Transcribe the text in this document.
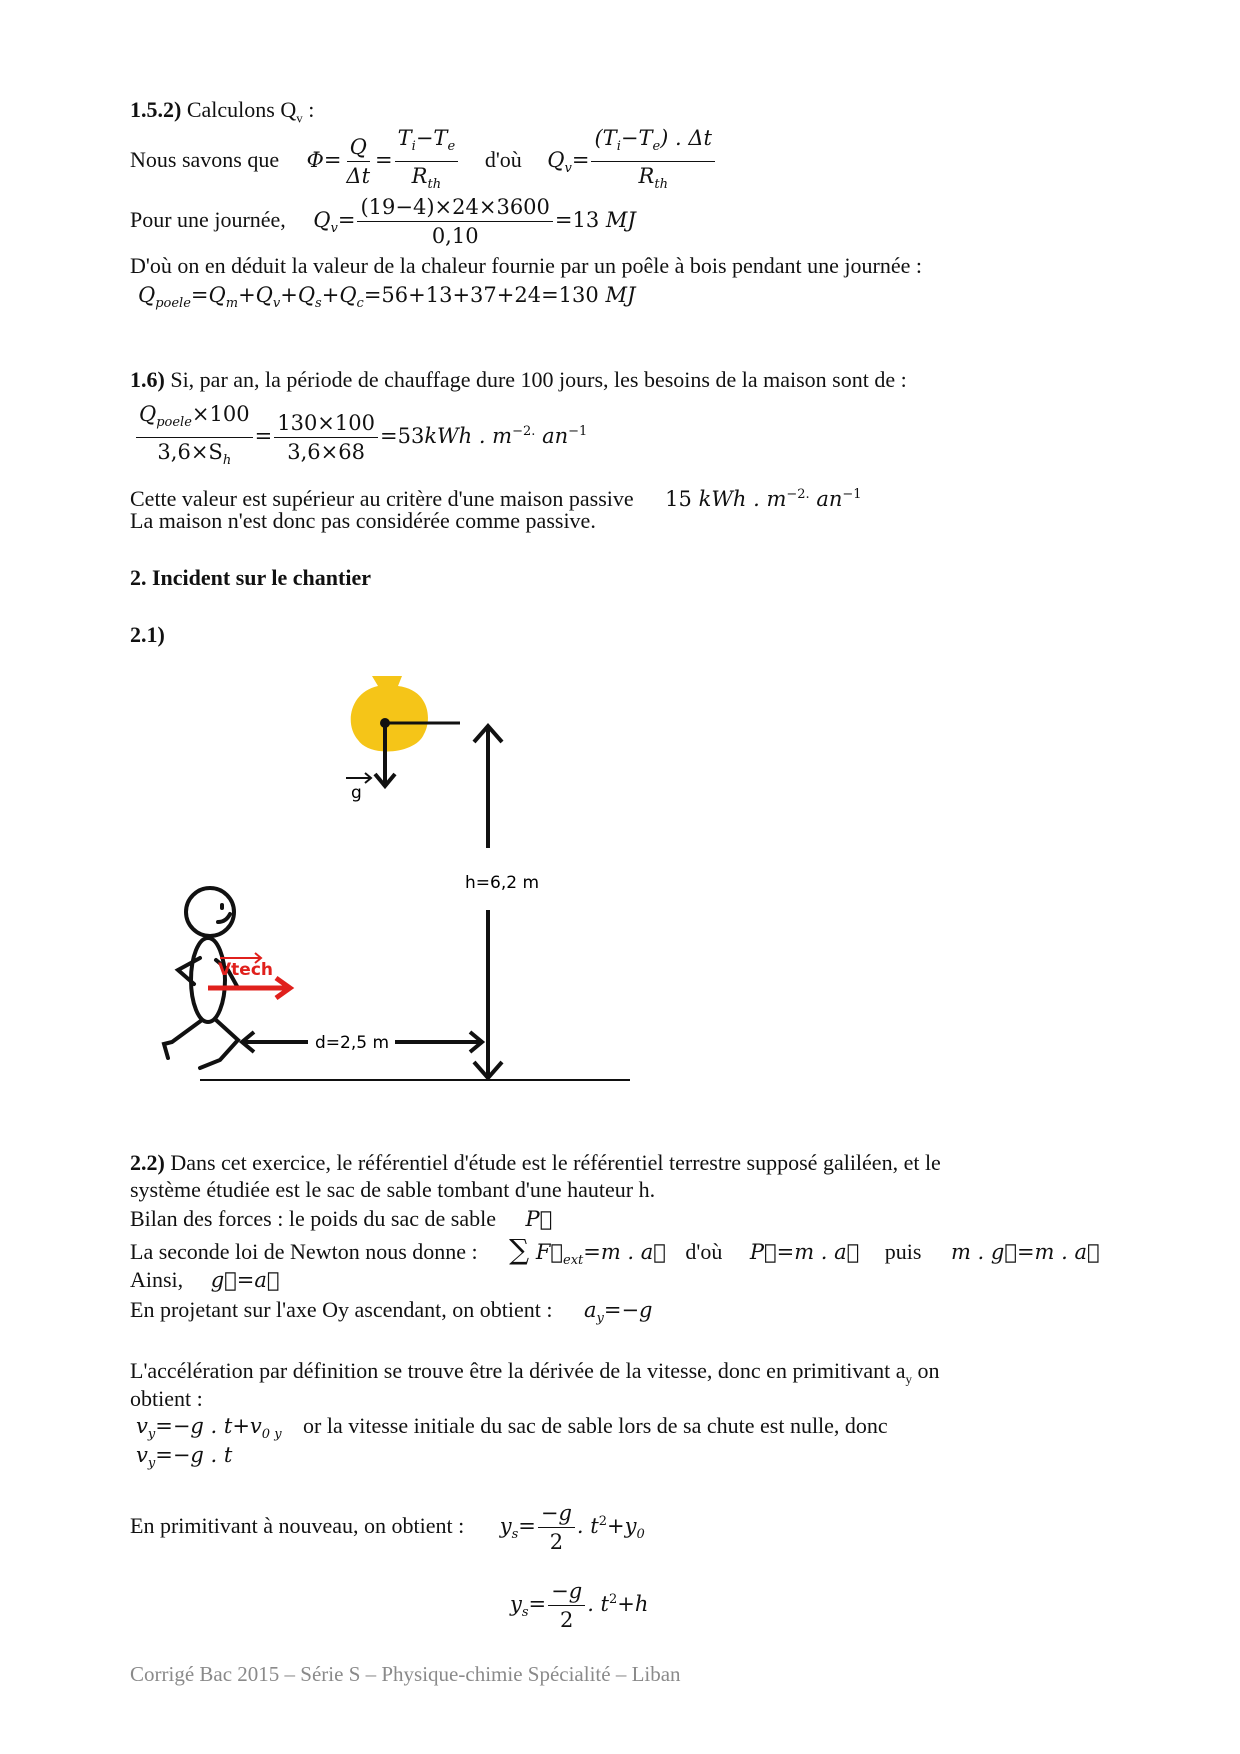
1.5.2) Calculons $Q_v$ :
Nous savons que $\Phi= \frac{Q}{\Delta t} = \frac{T_i-T_e}{R_{th}}$ d'où $Q_v= \frac{(T_i-T_e) . \Delta t}{R_{th}}$
Pour une journée, $Q_v= \frac{(19-4)\times 24\times 3600}{0,10} =13$ MJ
D'où on en déduit la valeur de la chaleur fournie par un poêle à bois pendant une journée :
$Q_{poele}=Q_m+Q_v+Q_s+Q_c=56+13+37+24=130$ MJ
1.6) Si, par an, la période de chauffage dure 100 jours, les besoins de la maison sont de :
$\frac{Q_{poele}\times 100}{3,6\times S_h} = \frac{130\times 100}{3,6\times 68} =53kWh$ . $m^{-2.}$ $an^{-1}$
Cette valeur est supérieur au critère d'une maison passive 15 kWh . $m^{-2.}$ $an^{-1}$
La maison n'est donc pas considérée comme passive.
2. Incident sur le chantier
2.1)
g
h=6,2 m
d=2,5 m
Vtech
2.2) Dans cet exercice, le référentiel d'étude est le référentiel terrestre supposé galiléen, et le
système étudiée est le sac de sable tombant d'une hauteur h.
Bilan des forces : le poids du sac de sable P⃗
La seconde loi de Newton nous donne : ∑ $F⃗_{ext}=m$ . a⃗ d'où P⃗=m . a⃗ puis m . g⃗=m . a⃗
Ainsi, g⃗=a⃗
En projetant sur l'axe Oy ascendant, on obtient : $a_y=-g$
L'accélération par définition se trouve être la dérivée de la vitesse, donc en primitivant $a_y$ on
obtient :
$v_y=-g$ . $t+v_{0 y}$ or la vitesse initiale du sac de sable lors de sa chute est nulle, donc
$v_y=-g$ . t
En primitivant à nouveau, on obtient : $y_s= \frac{-g}{2}$ . $t^2+y_0$
$y_s= \frac{-g}{2}$ . $t^2+h$
Corrigé Bac 2015 – Série S – Physique-chimie Spécialité – Liban
